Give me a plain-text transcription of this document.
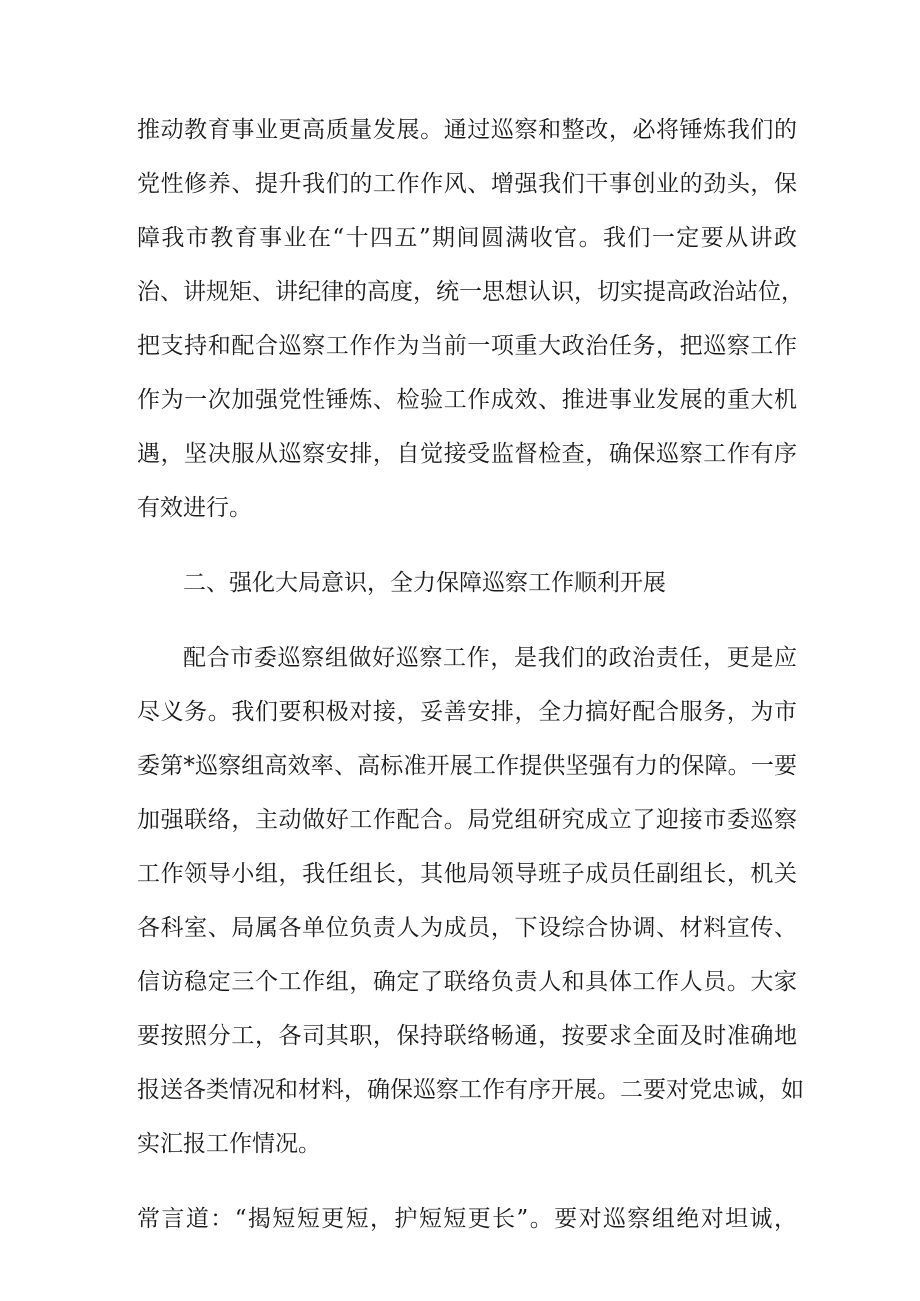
推动教育事业更高质量发展。通过巡察和整改，必将锤炼我们的
党性修养、提升我们的工作作风、增强我们干事创业的劲头，保
障我市教育事业在“十四五”期间圆满收官。我们一定要从讲政
治、讲规矩、讲纪律的高度，统一思想认识，切实提高政治站位，
把支持和配合巡察工作作为当前一项重大政治任务，把巡察工作
作为一次加强党性锤炼、检验工作成效、推进事业发展的重大机
遇，坚决服从巡察安排，自觉接受监督检查，确保巡察工作有序
有效进行。
二、强化大局意识，全力保障巡察工作顺利开展
配合市委巡察组做好巡察工作，是我们的政治责任，更是应
尽义务。我们要积极对接，妥善安排，全力搞好配合服务，为市
委第*巡察组高效率、高标准开展工作提供坚强有力的保障。一要
加强联络，主动做好工作配合。局党组研究成立了迎接市委巡察
工作领导小组，我任组长，其他局领导班子成员任副组长，机关
各科室、局属各单位负责人为成员，下设综合协调、材料宣传、
信访稳定三个工作组，确定了联络负责人和具体工作人员。大家
要按照分工，各司其职，保持联络畅通，按要求全面及时准确地
报送各类情况和材料，确保巡察工作有序开展。二要对党忠诚，如
实汇报工作情况。
常言道：“揭短短更短，护短短更长”。要对巡察组绝对坦诚，
